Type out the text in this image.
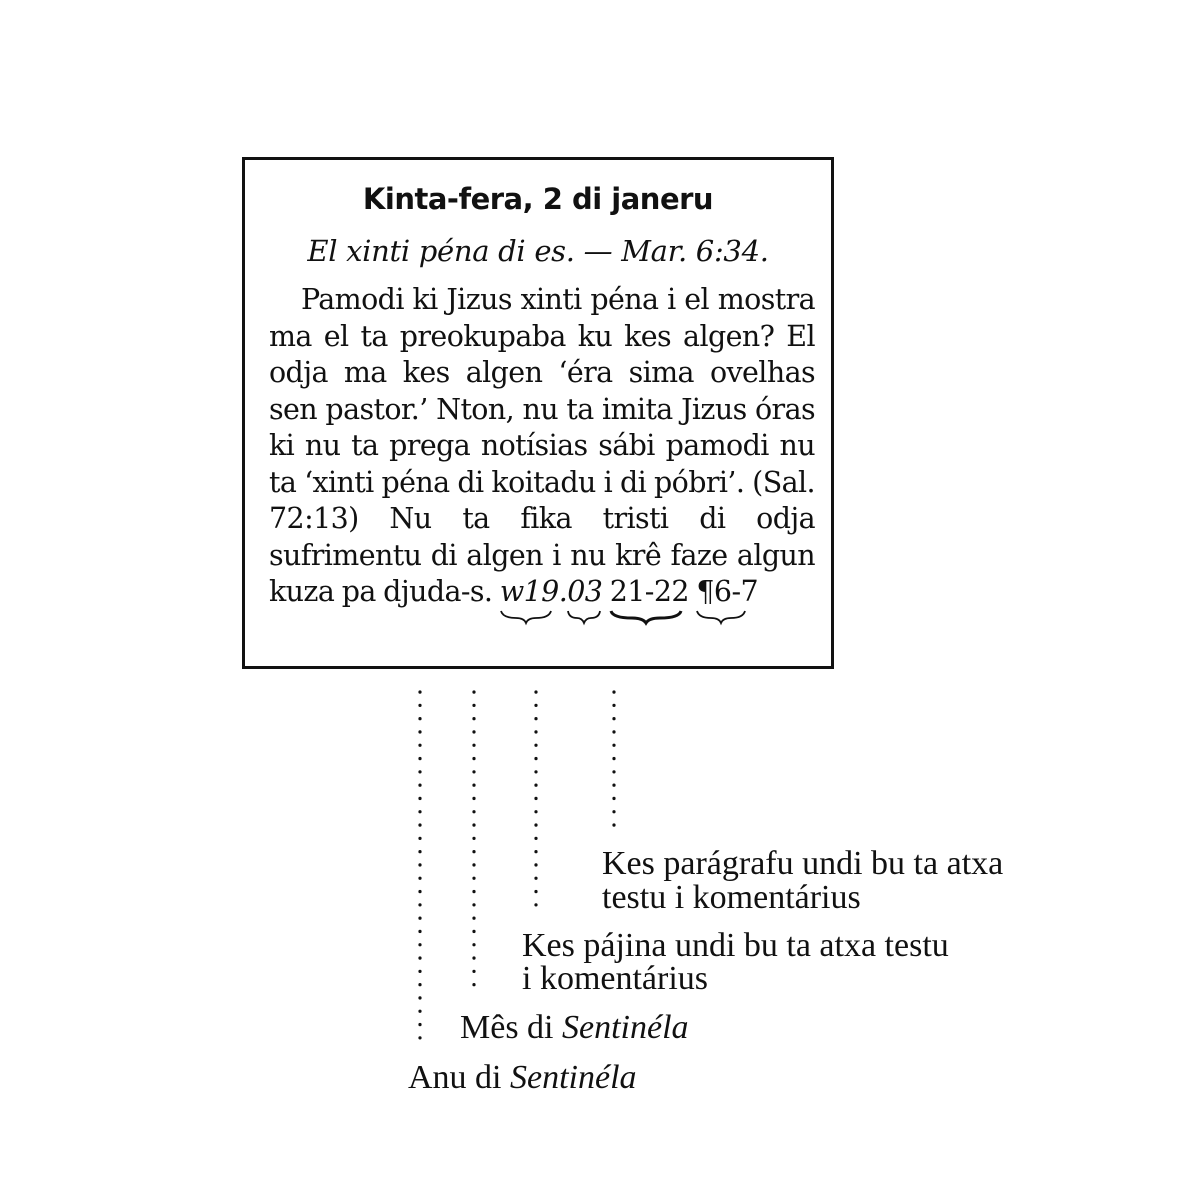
Kinta-fera, 2 di janeru
El xinti péna di es. — Mar. 6:34.
Pamodi ki Jizus xinti péna i el mostra ma el ta preokupaba ku kes algen? El odja ma kes algen ‘éra sima ovelhas sen pastor.’ Nton, nu ta imita Jizus óras ki nu ta prega notísias sábi pamodi nu ta ‘xinti péna di koitadu i di póbri’. (Sal. 72:13) Nu ta fika tristi di odja sufrimentu di algen i nu krê faze algun kuza pa djuda-s. w19
.03 21-22 ¶6-7
Kes parágrafu undi bu ta atxa
testu i komentárius
Kes pájina undi bu ta atxa testu
i komentárius
Mês di Sentinéla
Anu di Sentinéla
